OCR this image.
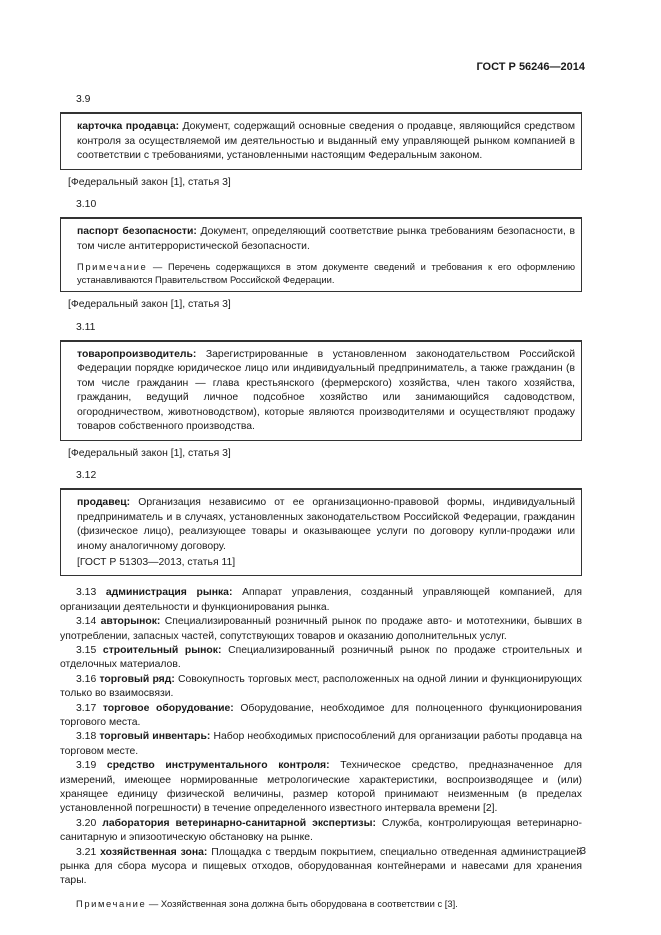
ГОСТ Р 56246—2014
3.9

карточка продавца: Документ, содержащий основные сведения о продавце, являющийся средством контроля за осуществляемой им деятельностью и выданный ему управляющей рынком компанией в соответствии с требованиями, установленными настоящим Федеральным законом.

[Федеральный закон [1], статья 3]
3.10

паспорт безопасности: Документ, определяющий соответствие рынка требованиям безопасности, в том числе антитеррористической безопасности.

Примечание — Перечень содержащихся в этом документе сведений и требования к его оформлению устанавливаются Правительством Российской Федерации.

[Федеральный закон [1], статья 3]
3.11

товаропроизводитель: Зарегистрированные в установленном законодательством Российской Федерации порядке юридическое лицо или индивидуальный предприниматель, а также гражданин (в том числе гражданин — глава крестьянского (фермерского) хозяйства, член такого хозяйства, гражданин, ведущий личное подсобное хозяйство или занимающийся садоводством, огородничеством, животноводством), которые являются производителями и осуществляют продажу товаров собственного производства.

[Федеральный закон [1], статья 3]
3.12

продавец: Организация независимо от ее организационно-правовой формы, индивидуальный предприниматель и в случаях, установленных законодательством Российской Федерации, гражданин (физическое лицо), реализующее товары и оказывающее услуги по договору купли-продажи или иному аналогичному договору.

[ГОСТ Р 51303—2013, статья 11]

3.13 администрация рынка: Аппарат управления, созданный управляющей компанией, для организации деятельности и функционирования рынка.

3.14 авторынок: Специализированный розничный рынок по продаже авто- и мототехники, бывших в употреблении, запасных частей, сопутствующих товаров и оказанию дополнительных услуг.

3.15 строительный рынок: Специализированный розничный рынок по продаже строительных и отделочных материалов.

3.16 торговый ряд: Совокупность торговых мест, расположенных на одной линии и функционирующих только во взаимосвязи.

3.17 торговое оборудование: Оборудование, необходимое для полноценного функционирования торгового места.

3.18 торговый инвентарь: Набор необходимых приспособлений для организации работы продавца на торговом месте.

3.19 средство инструментального контроля: Техническое средство, предназначенное для измерений, имеющее нормированные метрологические характеристики, воспроизводящее и (или) хранящее единицу физической величины, размер которой принимают неизменным (в пределах установленной погрешности) в течение определенного известного интервала времени [2].

3.20 лаборатория ветеринарно-санитарной экспертизы: Служба, контролирующая ветеринарно-санитарную и эпизоотическую обстановку на рынке.

3.21 хозяйственная зона: Площадка с твердым покрытием, специально отведенная администрацией рынка для сбора мусора и пищевых отходов, оборудованная контейнерами и навесами для хранения тары.

Примечание — Хозяйственная зона должна быть оборудована в соответствии с [3].

3
